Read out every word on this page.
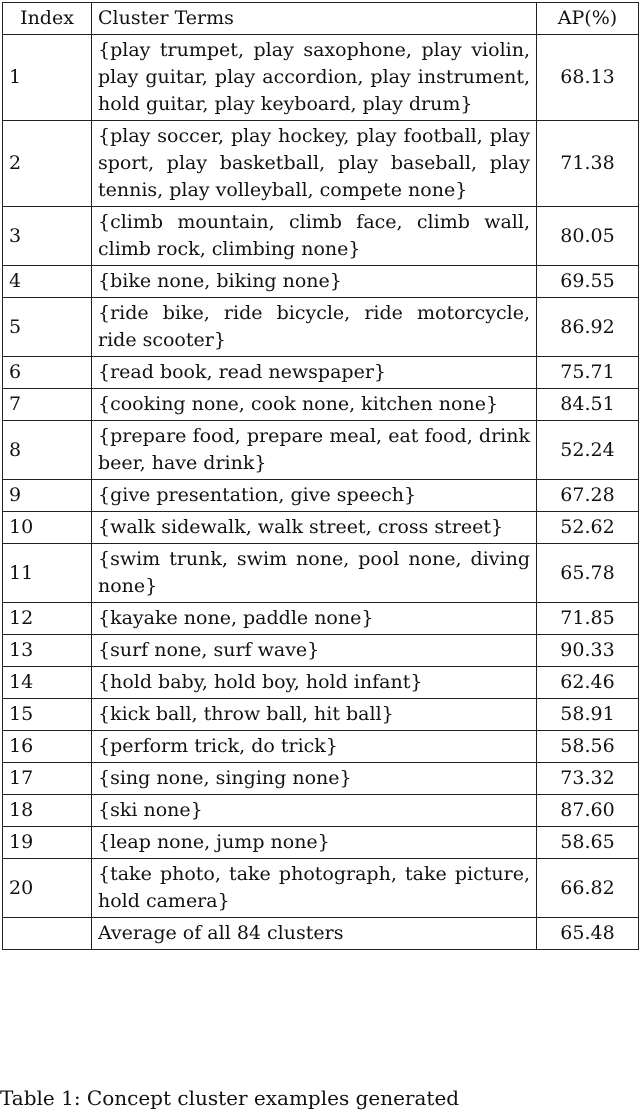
Index	Cluster Terms	AP(%)
1	{play trumpet, play saxophone, play violin, play guitar, play accordion, play instrument, hold guitar, play keyboard, play drum}	68.13
2	{play soccer, play hockey, play football, play sport, play basketball, play baseball, play tennis, play volleyball, compete none}	71.38
3	{climb mountain, climb face, climb wall, climb rock, climbing none}	80.05
4	{bike none, biking none}	69.55
5	{ride bike, ride bicycle, ride motorcycle, ride scooter}	86.92
6	{read book, read newspaper}	75.71
7	{cooking none, cook none, kitchen none}	84.51
8	{prepare food, prepare meal, eat food, drink beer, have drink}	52.24
9	{give presentation, give speech}	67.28
10	{walk sidewalk, walk street, cross street}	52.62
11	{swim trunk, swim none, pool none, diving none}	65.78
12	{kayake none, paddle none}	71.85
13	{surf none, surf wave}	90.33
14	{hold baby, hold boy, hold infant}	62.46
15	{kick ball, throw ball, hit ball}	58.91
16	{perform trick, do trick}	58.56
17	{sing none, singing none}	73.32
18	{ski none}	87.60
19	{leap none, jump none}	58.65
20	{take photo, take photograph, take picture, hold camera}	66.82
	Average of all 84 clusters	65.48
Table 1: Concept cluster examples generated
